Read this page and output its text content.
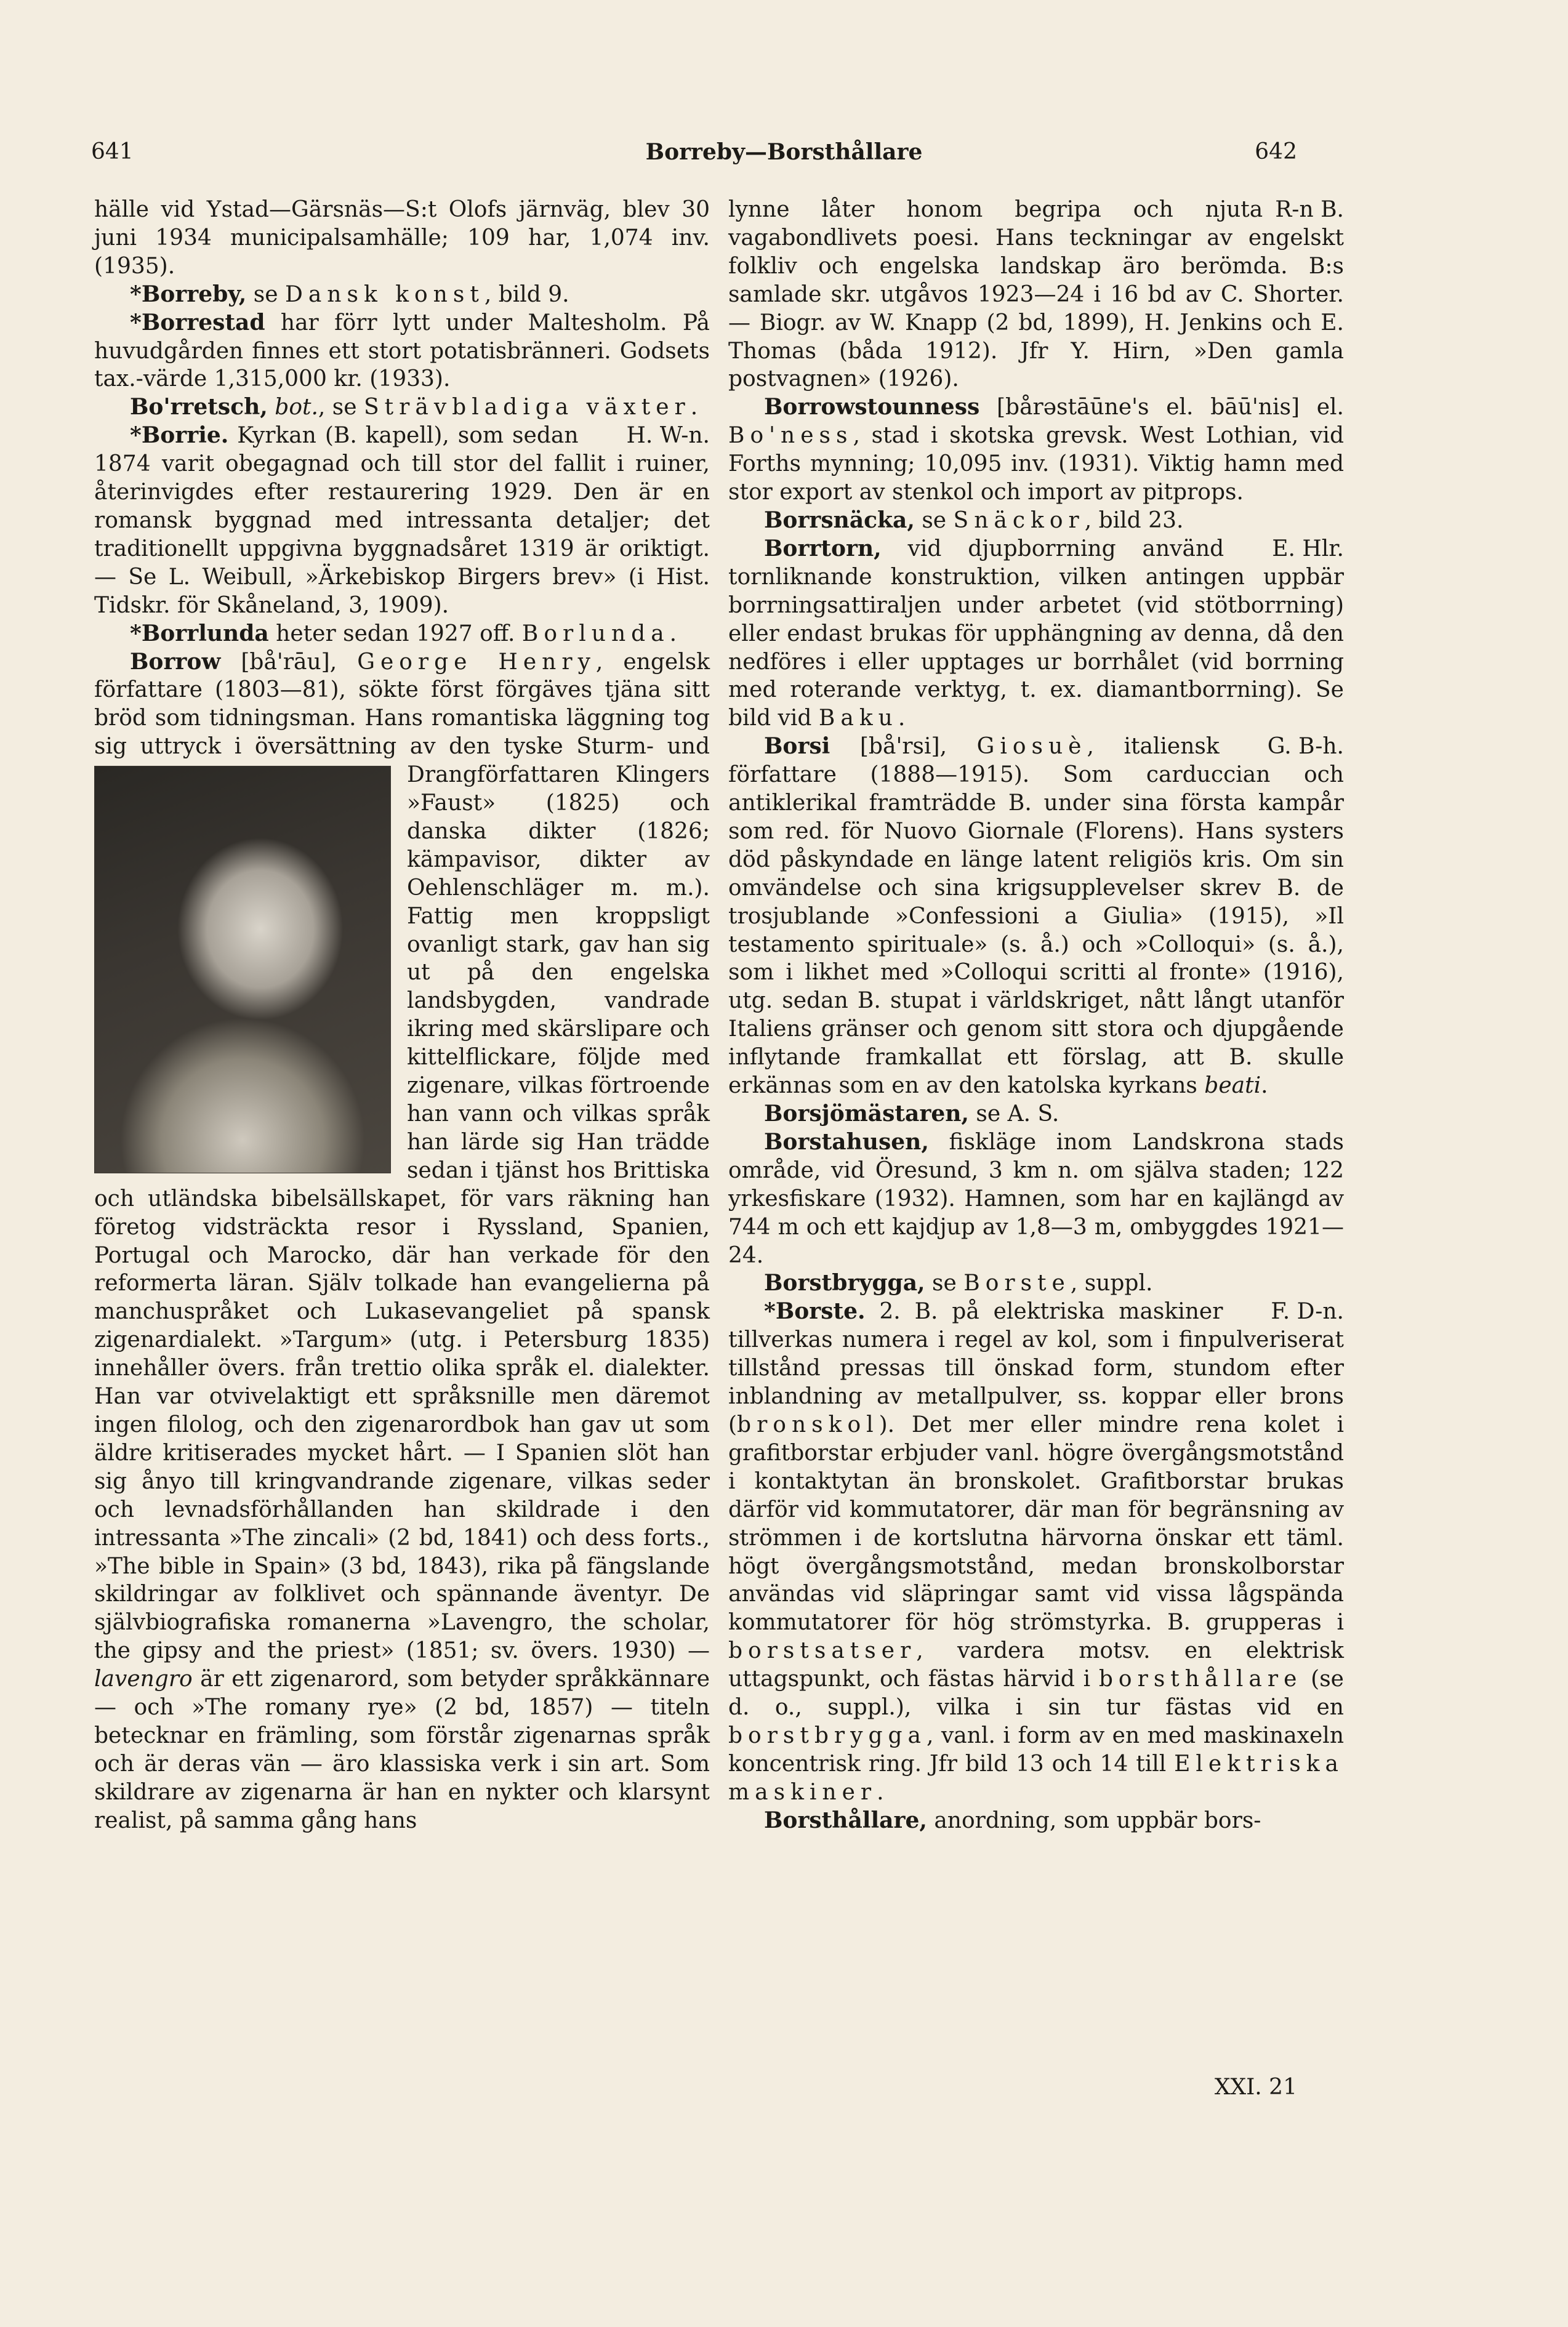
641	Borreby—Borsthållare	642

hälle vid Ystad—Gärsnäs—S:t Olofs järnväg, blev 30 juni 1934 municipalsamhälle; 109 har, 1,074 inv. (1935).

*Borreby, se Dansk konst, bild 9.

*Borrestad har förr lytt under Maltesholm. På huvudgården finnes ett stort potatisbränneri. Godsets tax.-värde 1,315,000 kr. (1933).

Bo'rretsch, bot., se Strävbladiga växter.

H. W-n.
*Borrie. Kyrkan (B. kapell), som sedan 1874 varit obegagnad och till stor del fallit i ruiner, återinvigdes efter restaurering 1929. Den är en romansk byggnad med intressanta detaljer; det traditionellt uppgivna byggnadsåret 1319 är oriktigt. — Se L. Weibull, »Ärkebiskop Birgers brev» (i Hist. Tidskr. för Skåneland, 3, 1909).

*Borrlunda heter sedan 1927 off. Borlunda.

Borrow [bå'rāu], George Henry, engelsk författare (1803—81), sökte först förgäves tjäna sitt bröd som tidningsman. Hans romantiska läggning tog sig uttryck i översättning av den tyske Sturm- und Drangförfattaren Kling
ers »Faust» (1825) och danska dikter (1826; kämpavisor, dikter av Oehlenschläger m. m.). Fattig men kroppsligt ovanligt stark, gav han sig ut på den engelska landsbygden, vandrade ikring med skärslipare och kittelflickare, följde med zigenare, vilkas förtroende han vann och vilkas språk han lärde sig Han trädde sedan i tjänst hos Brittiska och utländska bibelsällskapet, för vars räkning han företog vidsträckta resor i Ryssland, Spanien, Portugal och Marocko, där han verkade för den reformerta läran. Själv tolkade han evangelierna på manchuspråket och Lukasevangeliet på spansk zigenardialekt. »Targum» (utg. i Petersburg 1835) innehåller övers. från trettio olika språk el. dialekter. Han var otvivelaktigt ett språksnille men däremot ingen filolog, och den zigenarordbok han gav ut som äldre kritiserades mycket hårt. — I Spanien slöt han sig ånyo till kringvandrande zigenare, vilkas seder och levnadsförhållanden han skildrade i den intressanta »The zincali» (2 bd, 1841) och dess forts., »The bible in Spain» (3 bd, 1843), rika på fängslande skildringar av folklivet och spännande äventyr. De självbiografiska romanerna »Lavengro, the scholar, the gipsy and the priest» (1851; sv. övers. 1930) — lavengro är ett zigenarord, som betyder språkkännare — och »The romany rye» (2 bd, 1857) — titeln betecknar en främling, som förstår zigenarnas språk och är deras vän — äro klassiska verk i sin art. Som skildrare av zigenarna är han en nykter och klarsynt realist, på samma gång hans

R-n B.
lynne låter honom begripa och njuta vagabondlivets poesi. Hans teckningar av engelskt folkliv och engelska landskap äro berömda. B:s samlade skr. utgåvos 1923—24 i 16 bd av C. Shorter. — Biogr. av W. Knapp (2 bd, 1899), H. Jenkins och E. Thomas (båda 1912). Jfr Y. Hirn, »Den gamla postvagnen» (1926).

Borrowstounness [bårəstāūne's el. bāū'nis] el. Bo'ness, stad i skotska grevsk. West Lothian, vid Forths mynning; 10,095 inv. (1931). Viktig hamn med stor export av stenkol och import av pitprops.

Borrsnäcka, se Snäckor, bild 23.

E. Hlr.
Borrtorn, vid djupborrning använd tornliknande konstruktion, vilken antingen uppbär borrningsattiraljen under arbetet (vid stötborrning) eller endast brukas för upphängning av denna, då den nedföres i eller upptages ur borrhålet (vid borrning med roterande verktyg, t. ex. diamantborrning). Se bild vid Baku.

G. B-h.
Borsi [bå'rsi], Giosuè, italiensk författare (1888—1915). Som carduccian och antiklerikal framträdde B. under sina första kampår som red. för Nuovo Giornale (Florens). Hans systers död påskyndade en länge latent religiös kris. Om sin omvändelse och sina krigsupplevelser skrev B. de trosjublande »Confessioni a Giulia» (1915), »Il testamento spirituale» (s. å.) och »Colloqui» (s. å.), som i likhet med »Colloqui scritti al fronte» (1916), utg. sedan B. stupat i världskriget, nått långt utanför Italiens gränser och genom sitt stora och djupgående inflytande framkallat ett förslag, att B. skulle erkännas som en av den katolska kyrkans beati.

Borsjömästaren, se A. S.

Borstahusen, fiskläge inom Landskrona stads område, vid Öresund, 3 km n. om själva staden; 122 yrkesfiskare (1932). Hamnen, som har en kajlängd av 744 m och ett kajdjup av 1,8—3 m, ombyggdes 1921—24.

Borstbrygga, se Borste, suppl.

F. D-n.
*Borste. 2. B. på elektriska maskiner tillverkas numera i regel av kol, som i finpulveriserat tillstånd pressas till önskad form, stundom efter inblandning av metallpulver, ss. koppar eller brons (bronskol). Det mer eller mindre rena kolet i grafitborstar erbjuder vanl. högre övergångsmotstånd i kontaktytan än bronskolet. Grafitborstar brukas därför vid kommutatorer, där man för begränsning av strömmen i de kortslutna härvorna önskar ett täml. högt övergångsmotstånd, medan bronskolborstar användas vid släpringar samt vid vissa lågspända kommutatorer för hög strömstyrka. B. grupperas i borstsatser, vardera motsv. en elektrisk uttagspunkt, och fästas härvid i borsthållare (se d. o., suppl.), vilka i sin tur fästas vid en borstbrygga, vanl. i form av en med maskinaxeln koncentrisk ring. Jfr bild 13 och 14 till Elektriska maskiner.

Borsthållare, anordning, som uppbär bors-

XXI. 21
